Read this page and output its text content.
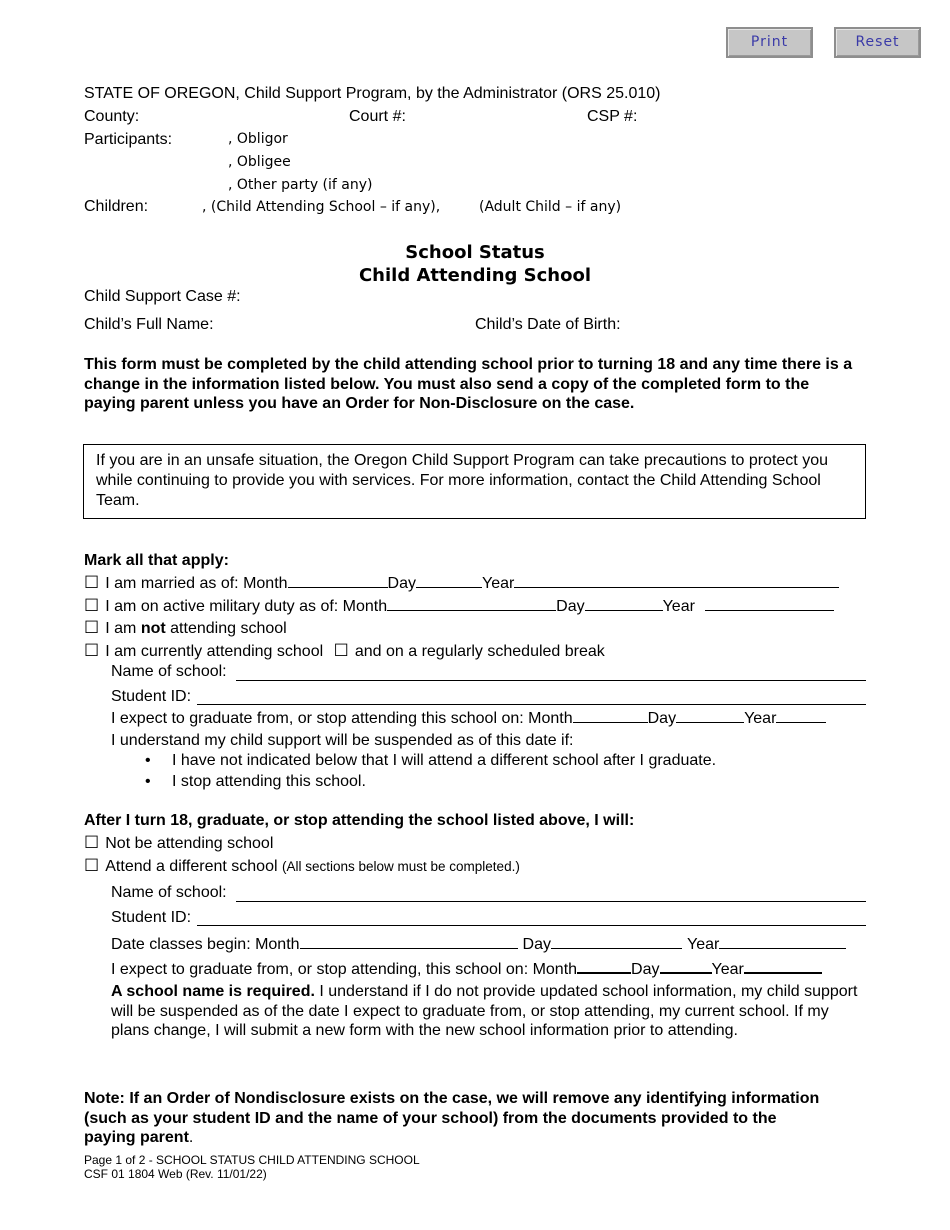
Print	Reset
STATE OF OREGON, Child Support Program, by the Administrator (ORS 25.010)
County:	Court #:	CSP #:
Participants:	, Obligor
, Obligee
, Other party (if any)
Children:	, (Child Attending School – if any),	(Adult Child – if any)
School Status
Child Attending School
Child Support Case #:
Child’s Full Name:	Child’s Date of Birth:
This form must be completed by the child attending school prior to turning 18 and any time there is a change in the information listed below. You must also send a copy of the completed form to the paying parent unless you have an Order for Non-Disclosure on the case.
If you are in an unsafe situation, the Oregon Child Support Program can take precautions to protect you while continuing to provide you with services. For more information, contact the Child Attending School Team.
Mark all that apply:
☐ I am married as of: Month	Day	Year
☐ I am on active military duty as of: Month	Day	Year
☐ I am not attending school
☐ I am currently attending school ☐ and on a regularly scheduled break
Name of school:
Student ID:
I expect to graduate from, or stop attending this school on: Month	Day	Year
I understand my child support will be suspended as of this date if:
• I have not indicated below that I will attend a different school after I graduate.
• I stop attending this school.
After I turn 18, graduate, or stop attending the school listed above, I will:
☐ Not be attending school
☐ Attend a different school (All sections below must be completed.)
Name of school:
Student ID:
Date classes begin: Month	Day	Year
I expect to graduate from, or stop attending, this school on: Month	Day	Year
A school name is required. I understand if I do not provide updated school information, my child support will be suspended as of the date I expect to graduate from, or stop attending, my current school. If my plans change, I will submit a new form with the new school information prior to attending.
Note: If an Order of Nondisclosure exists on the case, we will remove any identifying information (such as your student ID and the name of your school) from the documents provided to the paying parent.
Page 1 of 2 - SCHOOL STATUS CHILD ATTENDING SCHOOL
CSF 01 1804 Web (Rev. 11/01/22)
